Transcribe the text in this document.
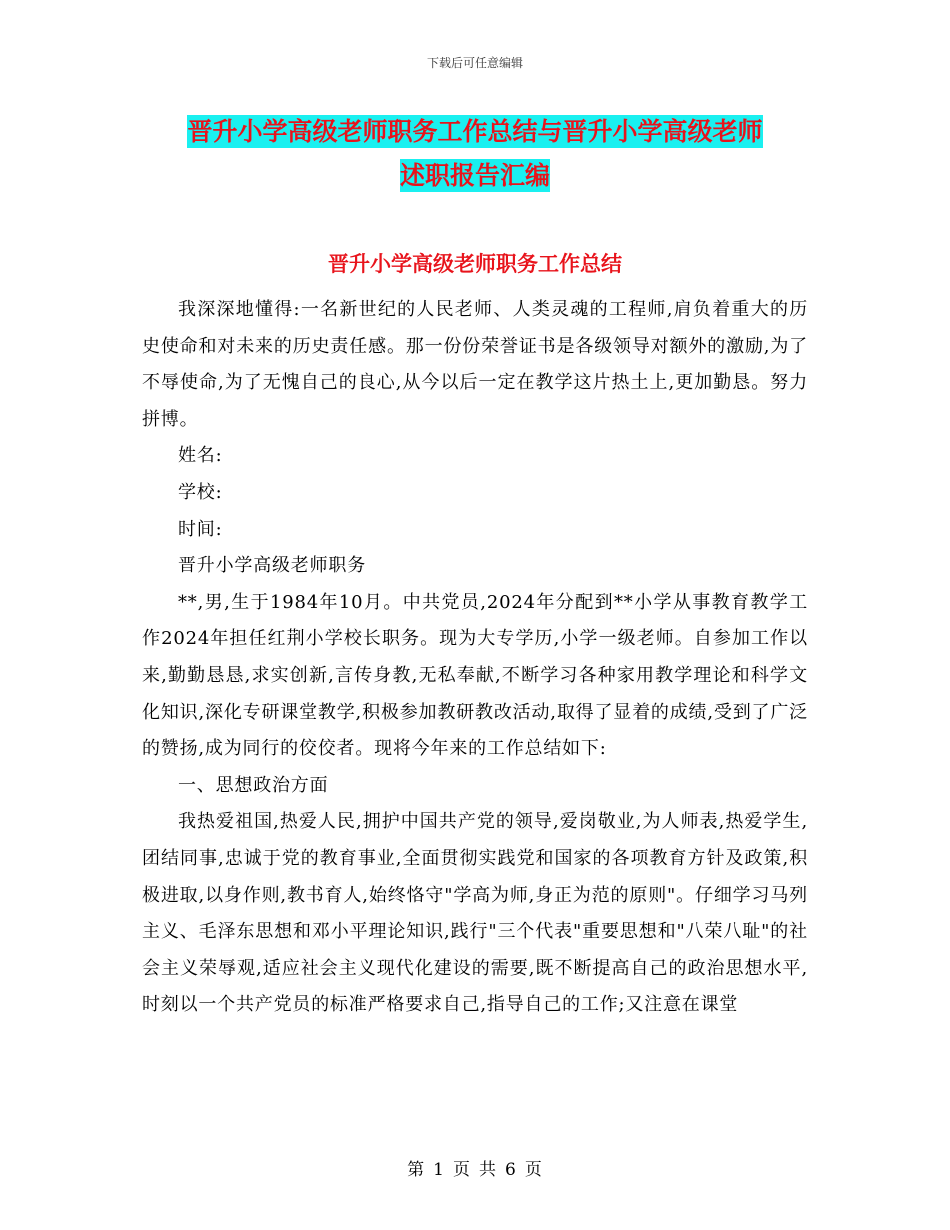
下载后可任意编辑
晋升小学高级老师职务工作总结与晋升小学高级老师
述职报告汇编
晋升小学高级老师职务工作总结

我深深地懂得:一名新世纪的人民老师、人类灵魂的工程师,肩负着重大的历史使命和对未来的历史责任感。那一份份荣誉证书是各级领导对额外的激励,为了不辱使命,为了无愧自己的良心,从今以后一定在教学这片热土上,更加勤恳。努力拼博。

姓名:

学校:

时间:

晋升小学高级老师职务

**,男,生于1984年10月。中共党员,2024年分配到**小学从事教育教学工作2024年担任红荆小学校长职务。现为大专学历,小学一级老师。自参加工作以来,勤勤恳恳,求实创新,言传身教,无私奉献,不断学习各种家用教学理论和科学文化知识,深化专研课堂教学,积极参加教研教改活动,取得了显着的成绩,受到了广泛的赞扬,成为同行的佼佼者。现将今年来的工作总结如下:

一、思想政治方面

我热爱祖国,热爱人民,拥护中国共产党的领导,爱岗敬业,为人师表,热爱学生,团结同事,忠诚于党的教育事业,全面贯彻实践党和国家的各项教育方针及政策,积极进取,以身作则,教书育人,始终恪守"学高为师,身正为范的原则"。仔细学习马列主义、毛泽东思想和邓小平理论知识,践行"三个代表"重要思想和"八荣八耻"的社会主义荣辱观,适应社会主义现代化建设的需要,既不断提高自己的政治思想水平,时刻以一个共产党员的标准严格要求自己,指导自己的工作;又注意在课堂

第 1 页 共 6 页
